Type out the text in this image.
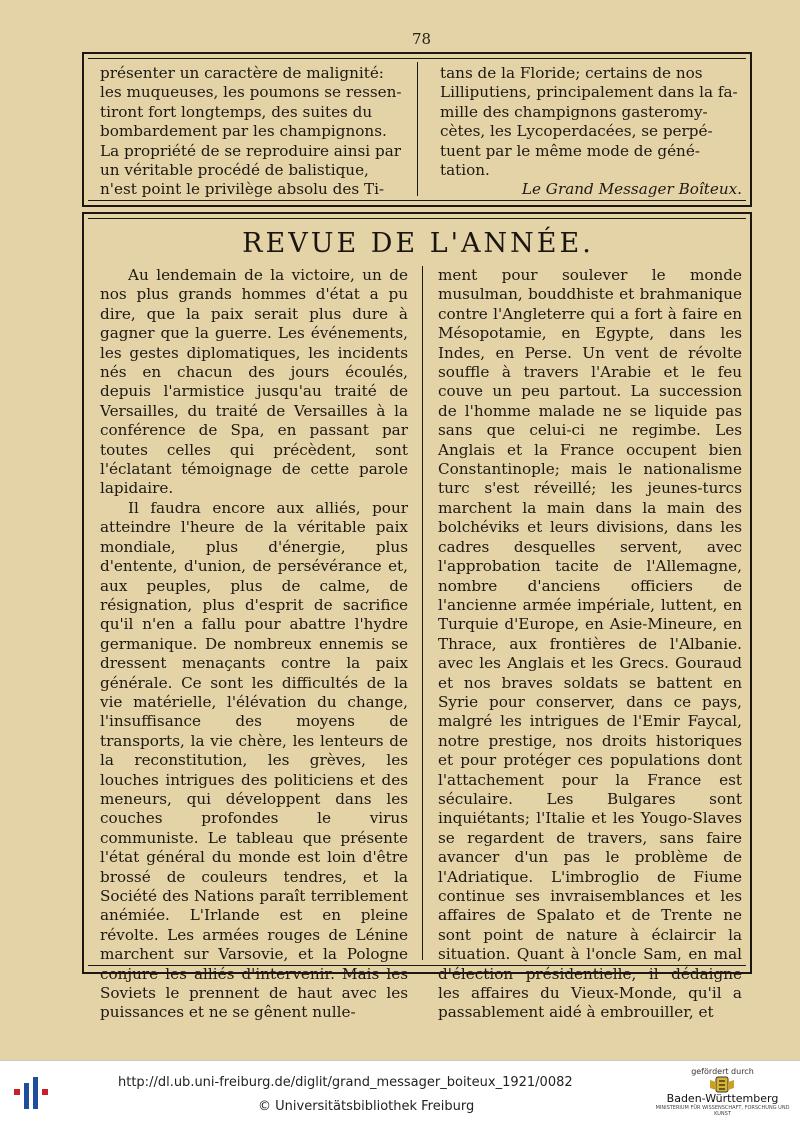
78

présenter un caractère de malignité:

les muqueuses, les poumons se ressen-

tiront fort longtemps, des suites du

bombardement par les champignons.

La propriété de se reproduire ainsi par

un véritable procédé de balistique,

n'est point le privilège absolu des Ti-

tans de la Floride; certains de nos

Lilliputiens, principalement dans la fa-

mille des champignons gasteromy-

cètes, les Lycoperdacées, se perpé-

tuent par le même mode de géné-

tation.

Le Grand Messager Boîteux.

REVUE DE L'ANNÉE.

Au lendemain de la victoire, un de nos plus grands hommes d'état a pu dire, que la paix serait plus dure à gagner que la guerre. Les événements, les gestes diplomatiques, les incidents nés en chacun des jours écoulés, depuis l'armistice jusqu'au traité de Versailles, du traité de Versailles à la conférence de Spa, en passant par toutes celles qui précèdent, sont l'éclatant témoignage de cette parole lapidaire.

Il faudra encore aux alliés, pour atteindre l'heure de la véritable paix mondiale, plus d'énergie, plus d'entente, d'union, de persévérance et, aux peuples, plus de calme, de résignation, plus d'esprit de sacrifice qu'il n'en a fallu pour abattre l'hydre germanique. De nombreux ennemis se dressent menaçants contre la paix générale. Ce sont les difficultés de la vie matérielle, l'élévation du change, l'insuffisance des moyens de transports, la vie chère, les lenteurs de la reconstitution, les grèves, les louches intrigues des politiciens et des meneurs, qui développent dans les couches profondes le virus communiste. Le tableau que présente l'état général du monde est loin d'être brossé de couleurs tendres, et la Société des Nations paraît terriblement anémiée. L'Irlande est en pleine révolte. Les armées rouges de Lénine marchent sur Varsovie, et la Pologne conjure les alliés d'intervenir. Mais les Soviets le prennent de haut avec les puissances et ne se gênent nulle-

ment pour soulever le monde musulman, bouddhiste et brahmanique contre l'Angleterre qui a fort à faire en Mésopotamie, en Egypte, dans les Indes, en Perse. Un vent de révolte souffle à travers l'Arabie et le feu couve un peu partout. La succession de l'homme malade ne se liquide pas sans que celui-ci ne regimbe. Les Anglais et la France occupent bien Constantinople; mais le nationalisme turc s'est réveillé; les jeunes-turcs marchent la main dans la main des bolchéviks et leurs divisions, dans les cadres desquelles servent, avec l'approbation tacite de l'Allemagne, nombre d'anciens officiers de l'ancienne armée impériale, luttent, en Turquie d'Europe, en Asie-Mineure, en Thrace, aux frontières de l'Albanie. avec les Anglais et les Grecs. Gouraud et nos braves soldats se battent en Syrie pour conserver, dans ce pays, malgré les intrigues de l'Emir Faycal, notre prestige, nos droits historiques et pour protéger ces populations dont l'attachement pour la France est séculaire. Les Bulgares sont inquiétants; l'Italie et les Yougo-Slaves se regardent de travers, sans faire avancer d'un pas le problème de l'Adriatique. L'imbroglio de Fiume continue ses invraisemblances et les affaires de Spalato et de Trente ne sont point de nature à éclaircir la situation. Quant à l'oncle Sam, en mal d'élection présidentielle, il dédaigne les affaires du Vieux-Monde, qu'il a passablement aidé à embrouiller, et

http://dl.ub.uni-freiburg.de/diglit/grand_messager_boiteux_1921/0082
© Universitätsbibliothek Freiburg
gefördert durch
Baden-Württemberg
MINISTERIUM FÜR WISSENSCHAFT, FORSCHUNG UND KUNST
